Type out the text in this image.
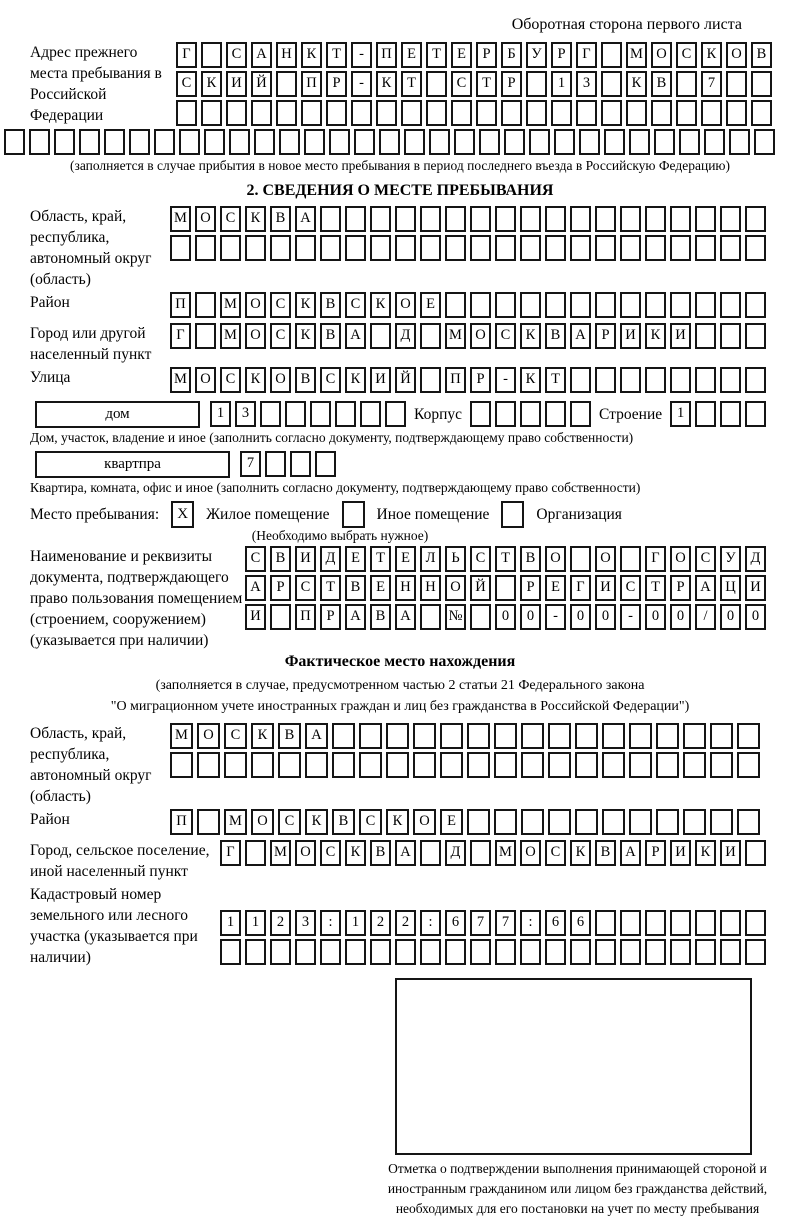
Оборотная сторона первого листа
Адрес прежнего места пребывания в Российской Федерации
Г	С А Н К Т - П Е Т Е Р Б У Р Г	М О С К О В
С К И Й	П Р - К Т	С Т Р	1 3	К В	7
(заполняется в случае прибытия в новое место пребывания в период последнего въезда в Российскую Федерацию)
2. СВЕДЕНИЯ О МЕСТЕ ПРЕБЫВАНИЯ
Область, край, республика, автономный округ (область)
М О С К В А
Район	П	М О С К В С К О Е
Город или другой населенный пункт
Г	М О С К В А	Д	М О С К В А Р И К И
Улица	М О С К О В С К И Й	П Р - К Т
дом	1 3	Корпус	Строение	1
Дом, участок, владение и иное (заполнить согласно документу, подтверждающему право собственности)
квартпра	7
Квартира, комната, офис и иное (заполнить согласно документу, подтверждающему право собственности)
Место пребывания:	X	Жилое помещение	Иное помещение	Организация
(Необходимо выбрать нужное)
Наименование и реквизиты документа, подтверждающего право пользования помещением (строением, сооружением) (указывается при наличии)
С В И Д Е Т Е Л Ь С Т В О	О	Г О С У Д
А Р С Т В Е Н Н О Й	Р Е Г И С Т Р А Ц И
И	П Р А В А	№	0 0 - 0 0 - 0 0 / 0 0
Фактическое место нахождения
(заполняется в случае, предусмотренном частью 2 статьи 21 Федерального закона
"О миграционном учете иностранных граждан и лиц без гражданства в Российской Федерации")
Область, край, республика, автономный округ (область)
М О С К В А
Район	П	М О С К В С К О Е
Город, сельское поселение, иной населенный пункт
Г	М О С К В А	Д	М О С К В А Р И К И
Кадастровый номер земельного или лесного участка (указывается при наличии)
1 1 2 3 : 1 2 2 : 6 7 7 : 6 6
Отметка о подтверждении выполнения принимающей стороной и иностранным гражданином или лицом без гражданства действий, необходимых для его постановки на учет по месту пребывания
